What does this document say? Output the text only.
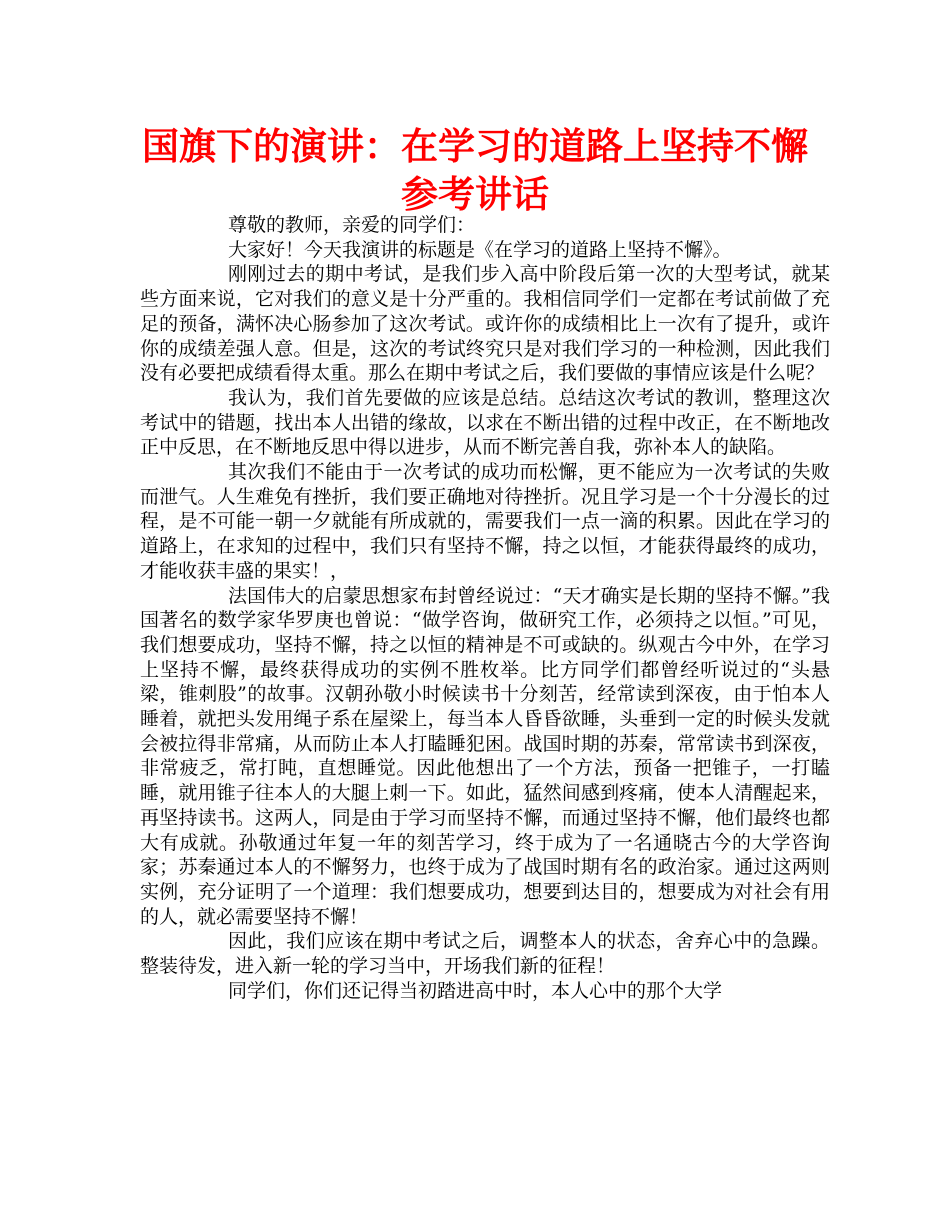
国旗下的演讲：在学习的道路上坚持不懈
参考讲话

尊敬的教师，亲爱的同学们：

大家好！今天我演讲的标题是《在学习的道路上坚持不懈》。

刚刚过去的期中考试，是我们步入高中阶段后第一次的大型考试，就某些方面来说，它对我们的意义是十分严重的。我相信同学们一定都在考试前做了充足的预备，满怀决心肠参加了这次考试。或许你的成绩相比上一次有了提升，或许你的成绩差强人意。但是，这次的考试终究只是对我们学习的一种检测，因此我们没有必要把成绩看得太重。那么在期中考试之后，我们要做的事情应该是什么呢？

我认为，我们首先要做的应该是总结。总结这次考试的教训，整理这次考试中的错题，找出本人出错的缘故，以求在不断出错的过程中改正，在不断地改正中反思，在不断地反思中得以进步，从而不断完善自我，弥补本人的缺陷。

其次我们不能由于一次考试的成功而松懈，更不能应为一次考试的失败而泄气。人生难免有挫折，我们要正确地对待挫折。况且学习是一个十分漫长的过程，是不可能一朝一夕就能有所成就的，需要我们一点一滴的积累。因此在学习的道路上，在求知的过程中，我们只有坚持不懈，持之以恒，才能获得最终的成功，才能收获丰盛的果实！，

法国伟大的启蒙思想家布封曾经说过：“天才确实是长期的坚持不懈。”我国著名的数学家华罗庚也曾说：“做学咨询，做研究工作，必须持之以恒。”可见，我们想要成功，坚持不懈，持之以恒的精神是不可或缺的。纵观古今中外，在学习上坚持不懈，最终获得成功的实例不胜枚举。比方同学们都曾经听说过的“头悬梁，锥刺股”的故事。汉朝孙敬小时候读书十分刻苦，经常读到深夜，由于怕本人睡着，就把头发用绳子系在屋梁上，每当本人昏昏欲睡，头垂到一定的时候头发就会被拉得非常痛，从而防止本人打瞌睡犯困。战国时期的苏秦，常常读书到深夜，非常疲乏，常打盹，直想睡觉。因此他想出了一个方法，预备一把锥子，一打瞌睡，就用锥子往本人的大腿上刺一下。如此，猛然间感到疼痛，使本人清醒起来，再坚持读书。这两人，同是由于学习而坚持不懈，而通过坚持不懈，他们最终也都大有成就。孙敬通过年复一年的刻苦学习，终于成为了一名通晓古今的大学咨询家；苏秦通过本人的不懈努力，也终于成为了战国时期有名的政治家。通过这两则实例，充分证明了一个道理：我们想要成功，想要到达目的，想要成为对社会有用的人，就必需要坚持不懈！

因此，我们应该在期中考试之后，调整本人的状态，舍弃心中的急躁。整装待发，进入新一轮的学习当中，开场我们新的征程！

同学们，你们还记得当初踏进高中时，本人心中的那个大学
